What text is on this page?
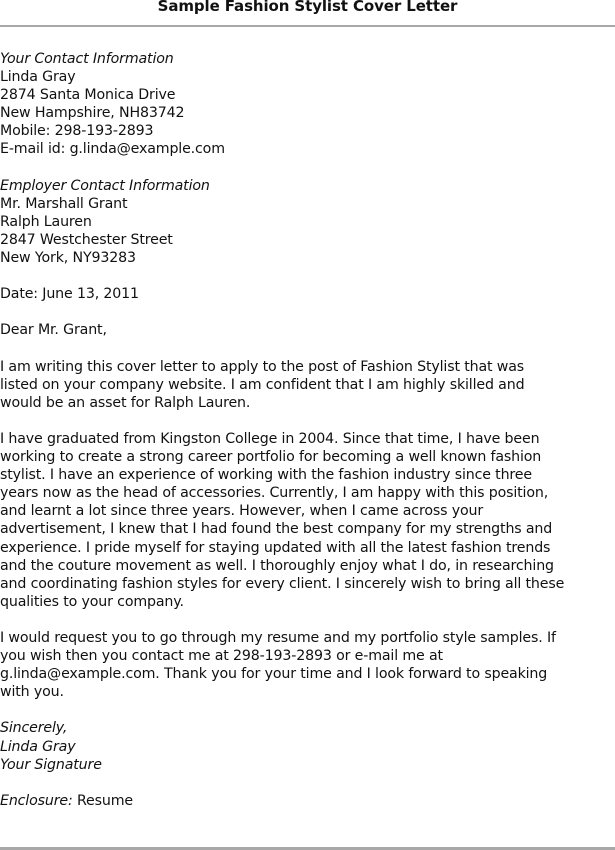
Sample Fashion Stylist Cover Letter
Your Contact Information
Linda Gray
2874 Santa Monica Drive
New Hampshire, NH83742
Mobile: 298-193-2893
E-mail id: g.linda@example.com
Employer Contact Information
Mr. Marshall Grant
Ralph Lauren
2847 Westchester Street
New York, NY93283
Date: June 13, 2011
Dear Mr. Grant,
I am writing this cover letter to apply to the post of Fashion Stylist that was
listed on your company website. I am confident that I am highly skilled and
would be an asset for Ralph Lauren.
I have graduated from Kingston College in 2004. Since that time, I have been
working to create a strong career portfolio for becoming a well known fashion
stylist. I have an experience of working with the fashion industry since three
years now as the head of accessories. Currently, I am happy with this position,
and learnt a lot since three years. However, when I came across your
advertisement, I knew that I had found the best company for my strengths and
experience. I pride myself for staying updated with all the latest fashion trends
and the couture movement as well. I thoroughly enjoy what I do, in researching
and coordinating fashion styles for every client. I sincerely wish to bring all these
qualities to your company.
I would request you to go through my resume and my portfolio style samples. If
you wish then you contact me at 298-193-2893 or e-mail me at
g.linda@example.com. Thank you for your time and I look forward to speaking
with you.
Sincerely,
Linda Gray
Your Signature
Enclosure: Resume
